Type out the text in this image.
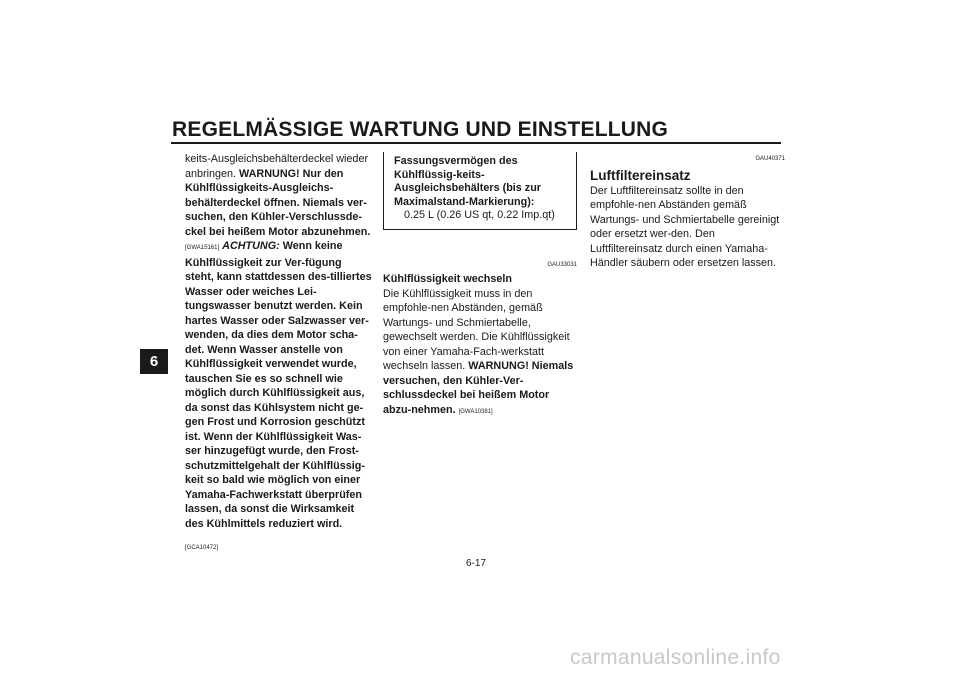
REGELMÄSSIGE WARTUNG UND EINSTELLUNG
6
keits-Ausgleichsbehälterdeckel wieder anbringen. WARNUNG! Nur den Kühlflüssigkeits-Ausgleichs-behälterdeckel öffnen. Niemals ver-suchen, den Kühler-Verschlussde-ckel bei heißem Motor abzunehmen. [GWA15161] ACHTUNG: Wenn keine Kühlflüssigkeit zur Ver-fügung steht, kann stattdessen des-tilliertes Wasser oder weiches Lei-tungswasser benutzt werden. Kein hartes Wasser oder Salzwasser ver-wenden, da dies dem Motor scha-det. Wenn Wasser anstelle von Kühlflüssigkeit verwendet wurde, tauschen Sie es so schnell wie möglich durch Kühlflüssigkeit aus, da sonst das Kühlsystem nicht ge-gen Frost und Korrosion geschützt ist. Wenn der Kühlflüssigkeit Was-ser hinzugefügt wurde, den Frost-schutzmittelgehalt der Kühlflüssig-keit so bald wie möglich von einer Yamaha-Fachwerkstatt überprüfen lassen, da sonst die Wirksamkeit des Kühlmittels reduziert wird.
[GCA10472]
Fassungsvermögen des Kühlflüssig-keits-Ausgleichsbehälters (bis zur Maximalstand-Markierung):
0.25 L (0.26 US qt, 0.22 Imp.qt)
GAU33031
Kühlflüssigkeit wechseln
Die Kühlflüssigkeit muss in den empfohle-nen Abständen, gemäß Wartungs- und Schmiertabelle, gewechselt werden. Die Kühlflüssigkeit von einer Yamaha-Fach-werkstatt wechseln lassen. WARNUNG! Niemals versuchen, den Kühler-Ver-schlussdeckel bei heißem Motor abzu-nehmen. [GWA10381]
GAU40371
Luftfiltereinsatz
Der Luftfiltereinsatz sollte in den empfohle-nen Abständen gemäß Wartungs- und Schmiertabelle gereinigt oder ersetzt wer-den. Den Luftfiltereinsatz durch einen Yamaha-Händler säubern oder ersetzen lassen.
6-17
carmanualsonline.info
